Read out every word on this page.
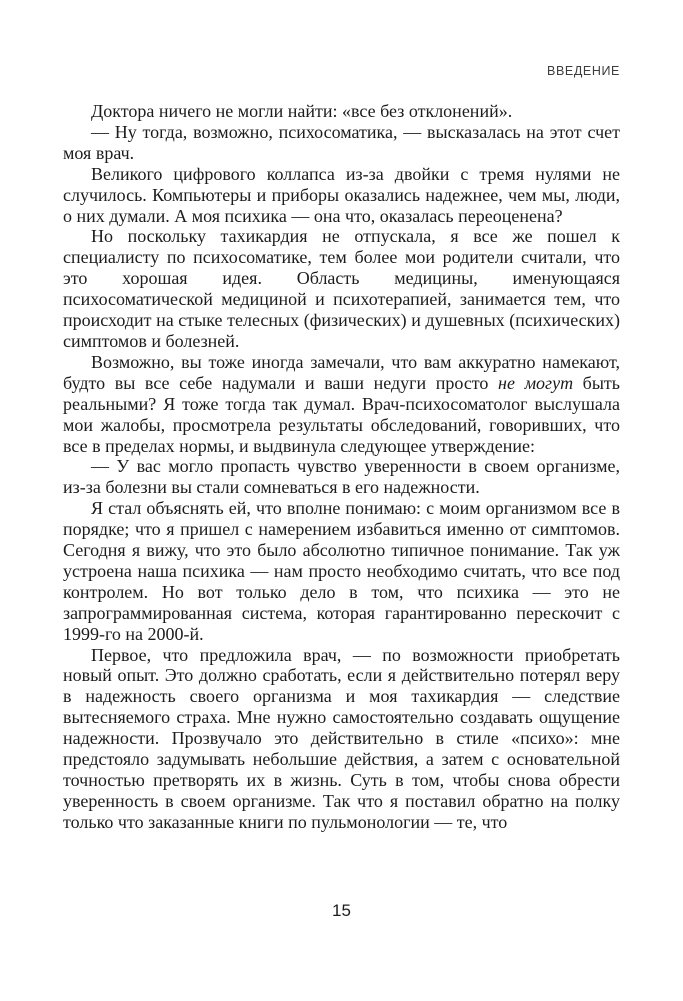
ВВЕДЕНИЕ

Доктора ничего не могли найти: «все без отклонений».

— Ну тогда, возможно, психосоматика, — высказалась на этот счет моя врач.

Великого цифрового коллапса из-за двойки с тремя нулями не случилось. Компьютеры и приборы оказались надежнее, чем мы, люди, о них думали. А моя психика — она что, оказалась переоценена?

Но поскольку тахикардия не отпускала, я все же пошел к специалисту по психосоматике, тем более мои родители считали, что это хорошая идея. Область медицины, именующаяся психосоматической медициной и психотерапией, занимается тем, что происходит на стыке телесных (физических) и душевных (психических) симптомов и болезней.

Возможно, вы тоже иногда замечали, что вам аккуратно намекают, будто вы все себе надумали и ваши недуги просто не могут быть реальными? Я тоже тогда так думал. Врач-психосоматолог выслушала мои жалобы, просмотрела результаты обследований, говоривших, что все в пределах нормы, и выдвинула следующее утверждение:

— У вас могло пропасть чувство уверенности в своем организме, из-за болезни вы стали сомневаться в его надежности.

Я стал объяснять ей, что вполне понимаю: с моим организмом все в порядке; что я пришел с намерением избавиться именно от симптомов. Сегодня я вижу, что это было абсолютно типичное понимание. Так уж устроена наша психика — нам просто необходимо считать, что все под контролем. Но вот только дело в том, что психика — это не запрограммированная система, которая гарантированно перескочит с 1999-го на 2000-й.

Первое, что предложила врач, — по возможности приобретать новый опыт. Это должно сработать, если я действительно потерял веру в надежность своего организма и моя тахикардия — следствие вытесняемого страха. Мне нужно самостоятельно создавать ощущение надежности. Прозвучало это действительно в стиле «психо»: мне предстояло задумывать небольшие действия, а затем с основательной точностью претворять их в жизнь. Суть в том, чтобы снова обрести уверенность в своем организме. Так что я поставил обратно на полку только что заказанные книги по пульмонологии — те, что

15
